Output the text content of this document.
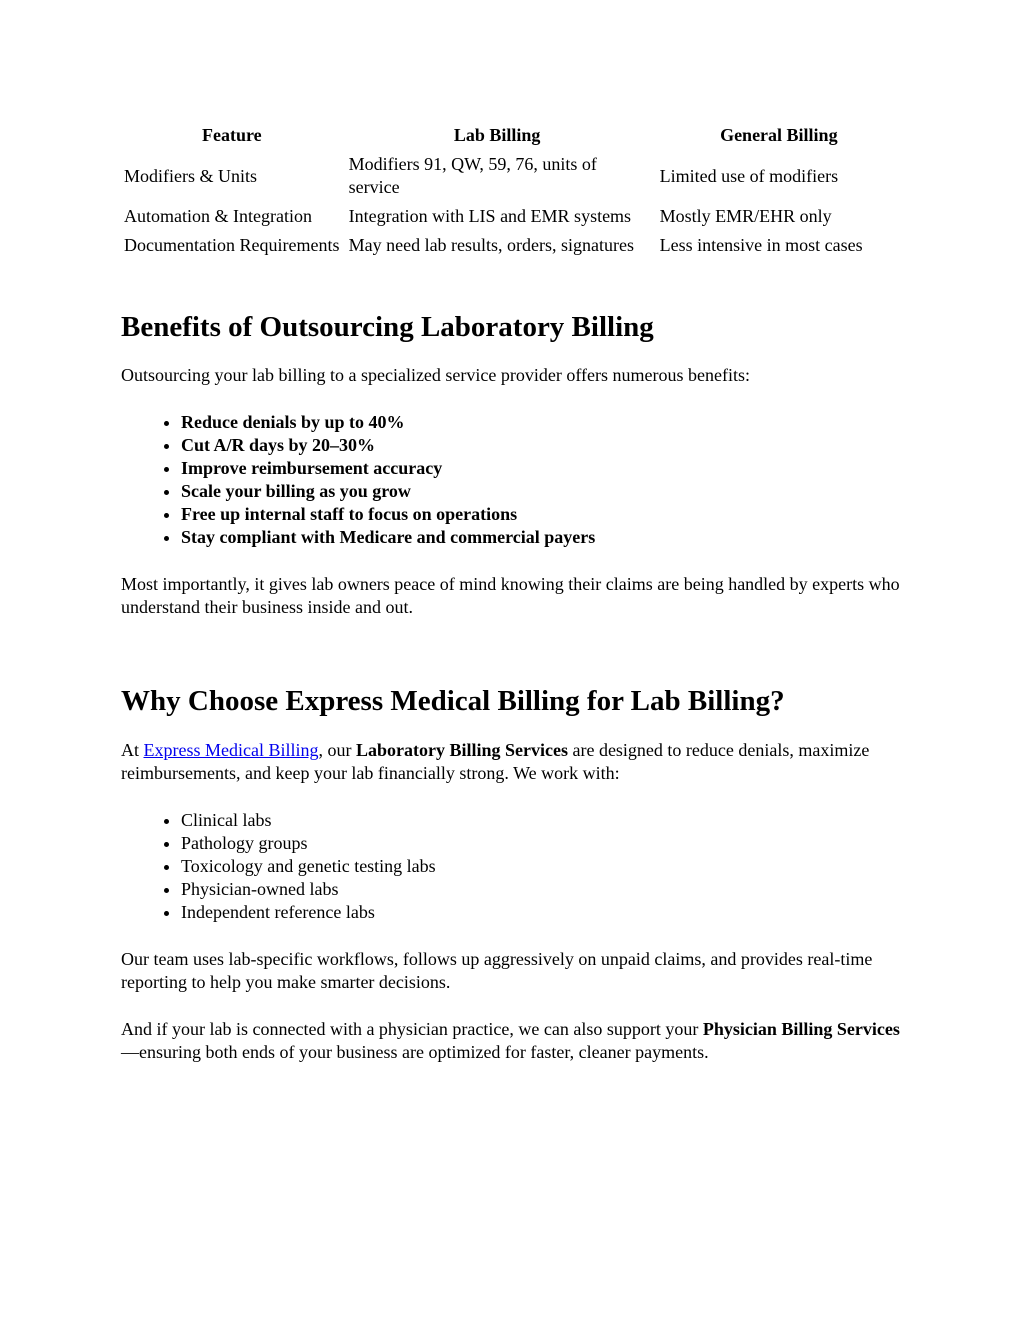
Feature	Lab Billing	General Billing
Modifiers & Units	Modifiers 91, QW, 59, 76, units of service	Limited use of modifiers
Automation & Integration	Integration with LIS and EMR systems	Mostly EMR/EHR only
Documentation Requirements	May need lab results, orders, signatures	Less intensive in most cases
Benefits of Outsourcing Laboratory Billing

Outsourcing your lab billing to a specialized service provider offers numerous benefits:

• Reduce denials by up to 40%
• Cut A/R days by 20–30%
• Improve reimbursement accuracy
• Scale your billing as you grow
• Free up internal staff to focus on operations
• Stay compliant with Medicare and commercial payers

Most importantly, it gives lab owners peace of mind knowing their claims are being handled by experts who understand their business inside and out.

Why Choose Express Medical Billing for Lab Billing?

At Express Medical Billing, our Laboratory Billing Services are designed to reduce denials, maximize reimbursements, and keep your lab financially strong. We work with:

• Clinical labs
• Pathology groups
• Toxicology and genetic testing labs
• Physician-owned labs
• Independent reference labs

Our team uses lab-specific workflows, follows up aggressively on unpaid claims, and provides real-time reporting to help you make smarter decisions.

And if your lab is connected with a physician practice, we can also support your Physician Billing Services—ensuring both ends of your business are optimized for faster, cleaner payments.
